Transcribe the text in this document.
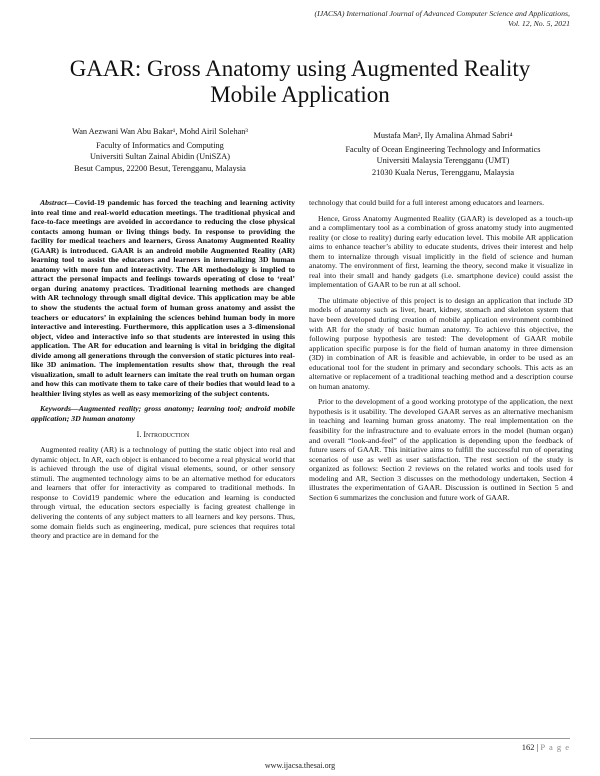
(IJACSA) International Journal of Advanced Computer Science and Applications,
Vol. 12, No. 5, 2021
GAAR: Gross Anatomy using Augmented Reality
Mobile Application
Wan Aezwani Wan Abu Bakar¹, Mohd Airil Solehan³
Faculty of Informatics and Computing
Universiti Sultan Zainal Abidin (UniSZA)
Besut Campus, 22200 Besut, Terengganu, Malaysia
Mustafa Man², Ily Amalina Ahmad Sabri⁴
Faculty of Ocean Engineering Technology and Informatics
Universiti Malaysia Terengganu (UMT)
21030 Kuala Nerus, Terengganu, Malaysia

Abstract—Covid-19 pandemic has forced the teaching and learning activity into real time and real-world education meetings. The traditional physical and face-to-face meetings are avoided in accordance to reducing the close physical contacts among human or living things body. In response to providing the facility for medical teachers and learners, Gross Anatomy Augmented Reality (GAAR) is introduced. GAAR is an android mobile Augmented Reality (AR) learning tool to assist the educators and learners in internalizing 3D human anatomy with more fun and interactivity. The AR methodology is implied to attract the personal impacts and feelings towards operating of close to ‘real’ organ during anatomy practices. Traditional learning methods are changed with AR technology through small digital device. This application may be able to show the students the actual form of human gross anatomy and assist the teachers or educators’ in explaining the sciences behind human body in more interactive and interesting. Furthermore, this application uses a 3-dimensional object, video and interactive info so that students are interested in using this application. The AR for education and learning is vital in bridging the digital divide among all generations through the conversion of static pictures into real-like 3D animation. The implementation results show that, through the real visualization, small to adult learners can imitate the real truth on human organ and how this can motivate them to take care of their bodies that would lead to a healthier living styles as well as easy memorizing of the subject contents.

Keywords—Augmented reality; gross anatomy; learning tool; android mobile application; 3D human anatomy

I. Introduction

Augmented reality (AR) is a technology of putting the static object into real and dynamic object. In AR, each object is enhanced to become a real physical world that is achieved through the use of digital visual elements, sound, or other sensory stimuli. The augmented technology aims to be an alternative method for educators and learners that offer for interactivity as compared to traditional methods. In response to Covid19 pandemic where the education and learning is conducted through virtual, the education sectors especially is facing greatest challenge in delivering the contents of any subject matters to all learners and key persons. Thus, some domain fields such as engineering, medical, pure sciences that requires total theory and practice are in demand for the

technology that could build for a full interest among educators and learners.

Hence, Gross Anatomy Augmented Reality (GAAR) is developed as a touch-up and a complimentary tool as a combination of gross anatomy study into augmented reality (or close to reality) during early education level. This mobile AR application aims to enhance teacher’s ability to educate students, drives their interest and help them to internalize through visual implicitly in the field of science and human anatomy. The environment of first, learning the theory, second make it visualize in real into their small and handy gadgets (i.e. smartphone device) could assist the implementation of GAAR to be run at all school.

The ultimate objective of this project is to design an application that include 3D models of anatomy such as liver, heart, kidney, stomach and skeleton system that have been developed during creation of mobile application environment combined with AR for the study of basic human anatomy. To achieve this objective, the following purpose hypothesis are tested: The development of GAAR mobile application specific purpose is for the field of human anatomy in three dimension (3D) in combination of AR is feasible and achievable, in order to be used as an educational tool for the student in primary and secondary schools. This acts as an alternative or replacement of a traditional teaching method and a description course on human anatomy.

Prior to the development of a good working prototype of the application, the next hypothesis is it usability. The developed GAAR serves as an alternative mechanism in teaching and learning human gross anatomy. The real implementation on the feasibility for the infrastructure and to evaluate errors in the model (human organ) and overall “look-and-feel” of the application is depending upon the feedback of future users of GAAR. This initiative aims to fulfill the successful run of operating scenarios of use as well as user satisfaction. The rest section of the study is organized as follows: Section 2 reviews on the related works and tools used for modeling and AR, Section 3 discusses on the methodology undertaken, Section 4 illustrates the experimentation of GAAR. Discussion is outlined in Section 5 and Section 6 summarizes the conclusion and future work of GAAR.

162 | P a g e
www.ijacsa.thesai.org
